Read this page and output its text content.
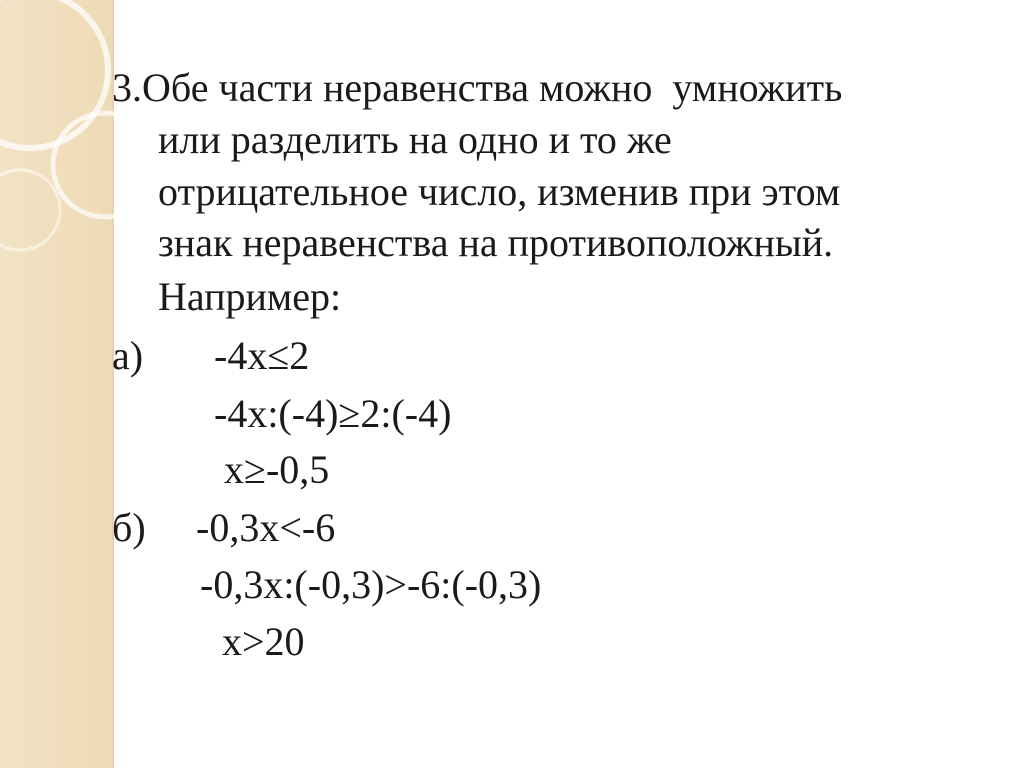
3.Обе части неравенства можно  умножить
или разделить на одно и то же
отрицательное число, изменив при этом
знак неравенства на противоположный.
Например:
а) -4х≤2
-4х:(-4)≥2:(-4)
х≥-0,5
б) -0,3х<-6
-0,3х:(-0,3)>-6:(-0,3)
х>20
